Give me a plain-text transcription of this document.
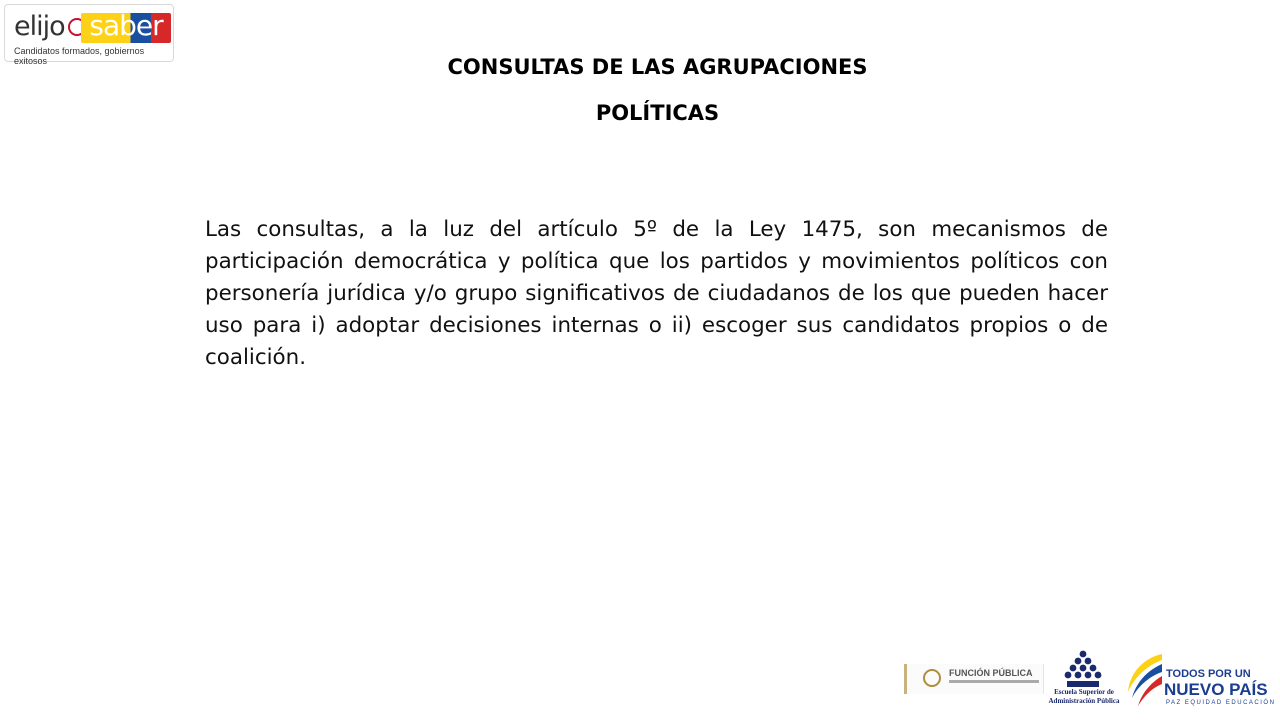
elijo saber
Candidatos formados, gobiernos exitosos	CONSULTAS DE LAS AGRUPACIONES
POLÍTICAS
Las consultas, a la luz del artículo 5º de la Ley 1475, son mecanismos de participación democrática y política que los partidos y movimientos políticos con personería jurídica y/o grupo significativos de ciudadanos de los que pueden hacer uso para i) adoptar decisiones internas o ii) escoger sus candidatos propios o de coalición.
FUNCIÓN PÚBLICA
Escuela Superior de Administración Pública
TODOS POR UN
NUEVO PAÍS
PAZ EQUIDAD EDUCACIÓN
